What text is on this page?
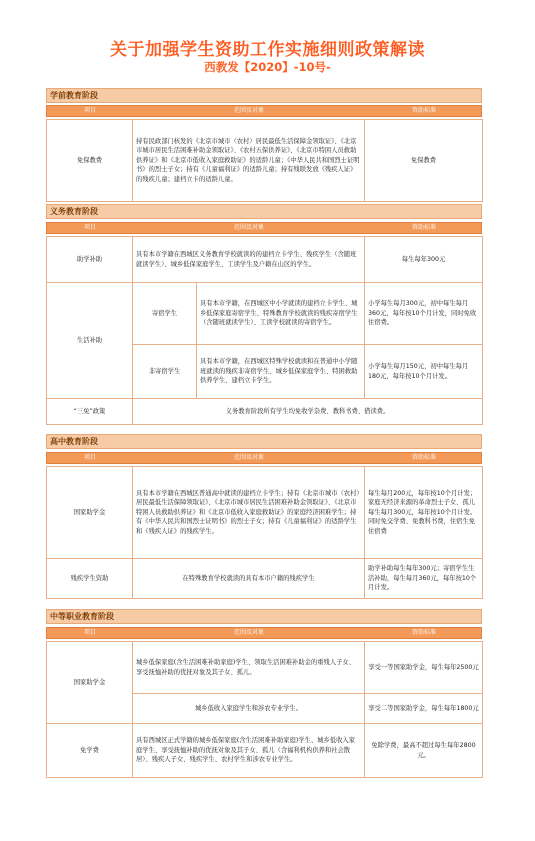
关于加强学生资助工作实施细则政策解读
西教发【2020】-10号-
学前教育阶段
项目	范围及对象	资助标准
免保教费	持有民政部门核发的《北京市城市（农村）居民最低生活保障金领取证》、《北京市城市居民生活困难补助金领取证》、《农村五保供养证》、《北京市特困人员救助供养证》和《北京市低收入家庭救助证》的适龄儿童；《中华人民共和国烈士证明书》的烈士子女；持有《儿童福利证》的适龄儿童；持有残联发放《残疾人证》的残疾儿童；建档立卡的适龄儿童。	免保教费
义务教育阶段
项目	范围及对象	资助标准
助学补助	具有本市学籍在西城区义务教育学校就读的的建档立卡学生、残疾学生（含随班就读学生）、城乡低保家庭学生、工读学生及户籍在山区的学生。		每生每年300元
生活补助	寄宿学生	具有本市学籍，在西城区中小学就读的建档立卡学生、城乡低保家庭寄宿学生、特殊教育学校就读的残疾寄宿学生（含随班就读学生）、工读学校就读的寄宿学生。	小学每生每月300元，初中每生每月360元，每年按10个月计发，同时免收住宿费。
	非寄宿学生	具有本市学籍，在西城区特殊学校就读和在普通中小学随班就读的残疾非寄宿学生、城乡低保家庭学生、特困救助供养学生、建档立卡学生。	小学每生每月150元，初中每生每月180元，每年按10个月计发。
“三免”政策	义务教育阶段所有学生均免收学杂费、教科书费、借读费。		
高中教育阶段
项目	范围及对象	资助标准
国家助学金	具有本市学籍在西城区普通高中就读的建档立卡学生；持有《北京市城市（农村）居民最低生活保障领取证》、《北京市城市居民生活困难补助金领取证》、《北京市特困人员救助供养证》和《北京市低收入家庭救助证》的家庭经济困难学生；持有《中华人民共和国烈士证明书》的烈士子女；持有《儿童福利证》的适龄学生和《残疾人证》的残疾学生。	每生每月200元，每年按10个月计发；家庭无经济来源的革命烈士子女、孤儿每生每月300元，每年按10个月计发。同时免交学费、免教科书费，住宿生免住宿费
残疾学生资助	在特殊教育学校就读的具有本市户籍的残疾学生	助学补助每生每年300元；寄宿学生生活补助，每生每月360元，每年按10个月计发。
中等职业教育阶段
项目	范围及对象	资助标准
国家助学金	城乡低保家庭(含生活困难补助家庭)学生、领取生活困难补助金的重残人子女、享受抚恤补助的优抚对象及其子女、孤儿。	享受一等国家助学金，每生每年2500元
	城乡低收入家庭学生和涉农专业学生。	享受二等国家助学金，每生每年1800元
免学费	具有西城区正式学籍的城乡低保家庭(含生活困难补助家庭)学生、城乡低收入家庭学生、享受抚恤补助的优抚对象及其子女、孤儿（含福利机构供养和社会散居）、残疾人子女、残疾学生、农村学生和涉农专业学生。	免除学费，最高不超过每生每年2800元。
